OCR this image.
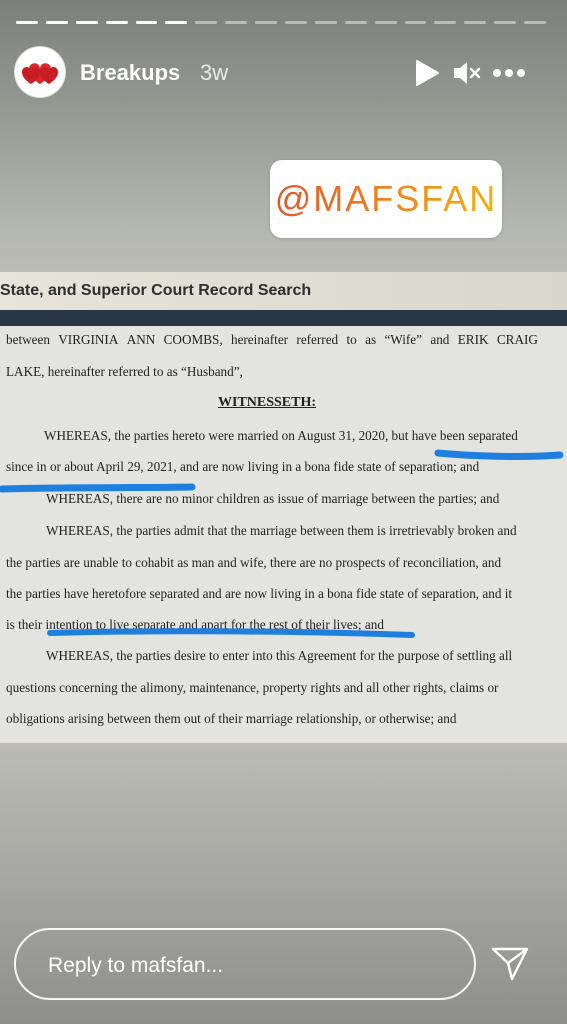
Breakups 3w
@MAFSFAN
State, and Superior Court Record Search
between VIRGINIA ANN COOMBS, hereinafter referred to as “Wife” and ERIK CRAIG
LAKE, hereinafter referred to as “Husband”,
WITNESSETH:
WHEREAS, the parties hereto were married on August 31, 2020, but have been separated
since in or about April 29, 2021, and are now living in a bona fide state of separation; and
WHEREAS, there are no minor children as issue of marriage between the parties; and
WHEREAS, the parties admit that the marriage between them is irretrievably broken and
the parties are unable to cohabit as man and wife, there are no prospects of reconciliation, and
the parties have heretofore separated and are now living in a bona fide state of separation, and it
is their intention to live separate and apart for the rest of their lives; and
WHEREAS, the parties desire to enter into this Agreement for the purpose of settling all
questions concerning the alimony, maintenance, property rights and all other rights, claims or
obligations arising between them out of their marriage relationship, or otherwise; and
Reply to mafsfan...
